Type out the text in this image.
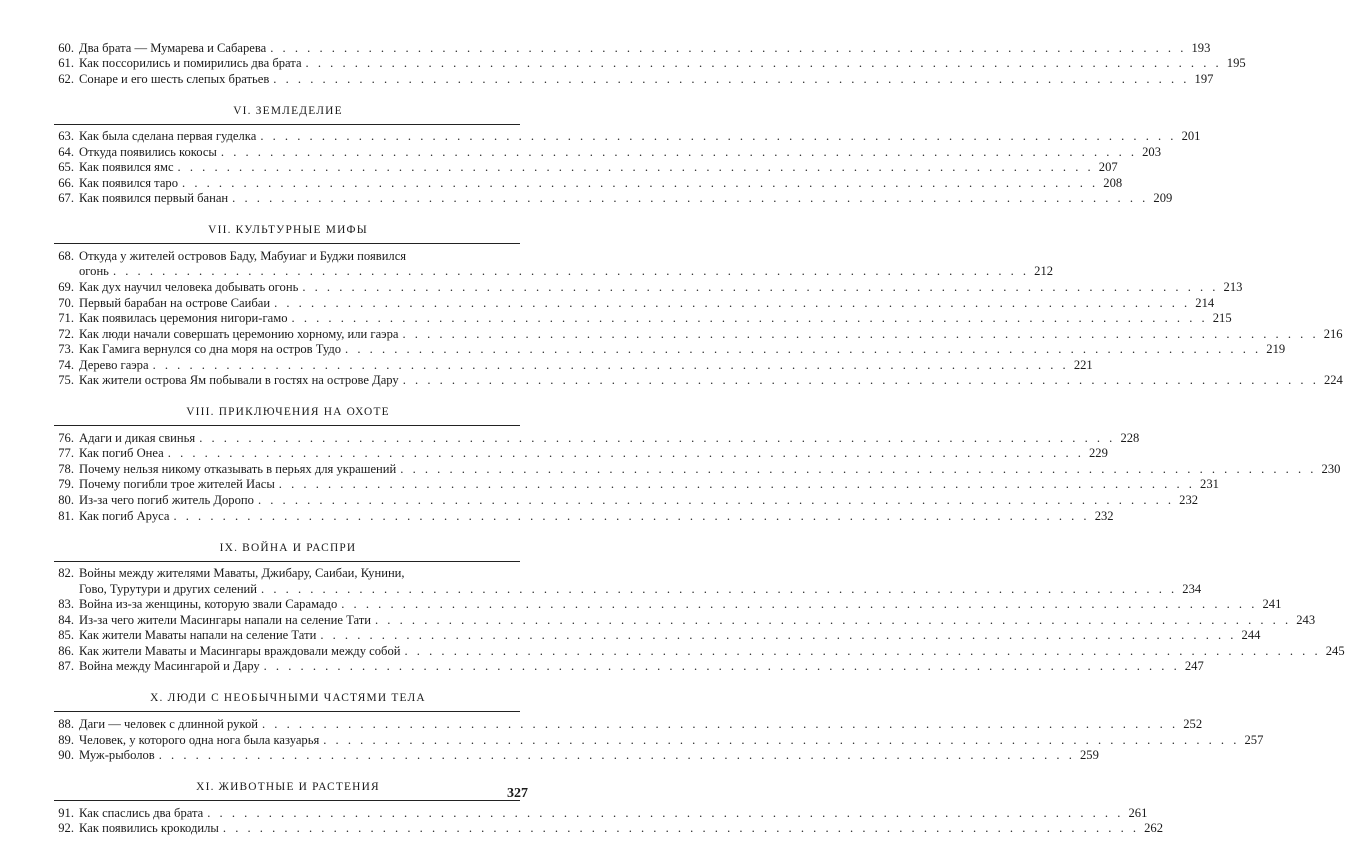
60. Два брата — Мумарева и Сабарева . . .	193
61. Как поссорились и помирились два брата . . .	195
62. Сонаре и его шесть слепых братьев . . .	197
VI. ЗЕМЛЕДЕЛИЕ
63. Как была сделана первая гуделка . . .	201
64. Откуда появились кокосы . . .	203
65. Как появился ямс . . .	207
66. Как появился таро . . .	208
67. Как появился первый банан . . .	209
VII. КУЛЬТУРНЫЕ МИФЫ
68. Откуда у жителей островов Баду, Мабуиаг и Буджи появился
огонь . . .	212
69. Как дух научил человека добывать огонь . . .	213
70. Первый барабан на острове Саибаи . . .	214
71. Как появилась церемония нигори-гамо . . .	215
72. Как люди начали совершать церемонию хорному, или гаэра . . .	216
73. Как Гамига вернулся со дна моря на остров Тудо . . .	219
74. Дерево гаэра . . .	221
75. Как жители острова Ям побывали в гостях на острове Дару . . .	224
VIII. ПРИКЛЮЧЕНИЯ НА ОХОТЕ
76. Адаги и дикая свинья . . .	228
77. Как погиб Онеа . . .	229
78. Почему нельзя никому отказывать в перьях для украшений . . .	230
79. Почему погибли трое жителей Иасы . . .	231
80. Из-за чего погиб житель Доропо . . .	232
81. Как погиб Аруса . . .	232
IX. ВОЙНА И РАСПРИ
82. Войны между жителями Маваты, Джибару, Саибаи, Кунини,
Гово, Турутури и других селений . . .	234
83. Война из-за женщины, которую звали Сарамадо . . .	241
84. Из-за чего жители Масингары напали на селение Тати . . .	243
85. Как жители Маваты напали на селение Тати . . .	244
86. Как жители Маваты и Масингары враждовали между собой . . .	245
87. Война между Масингарой и Дару . . .	247
X. ЛЮДИ С НЕОБЫЧНЫМИ ЧАСТЯМИ ТЕЛА
88. Даги — человек с длинной рукой . . .	252
89. Человек, у которого одна нога была казуарья . . .	257
90. Муж-рыболов . . .	259
XI. ЖИВОТНЫЕ И РАСТЕНИЯ
91. Как спаслись два брата . . .	261
92. Как появились крокодилы . . .	262
327
